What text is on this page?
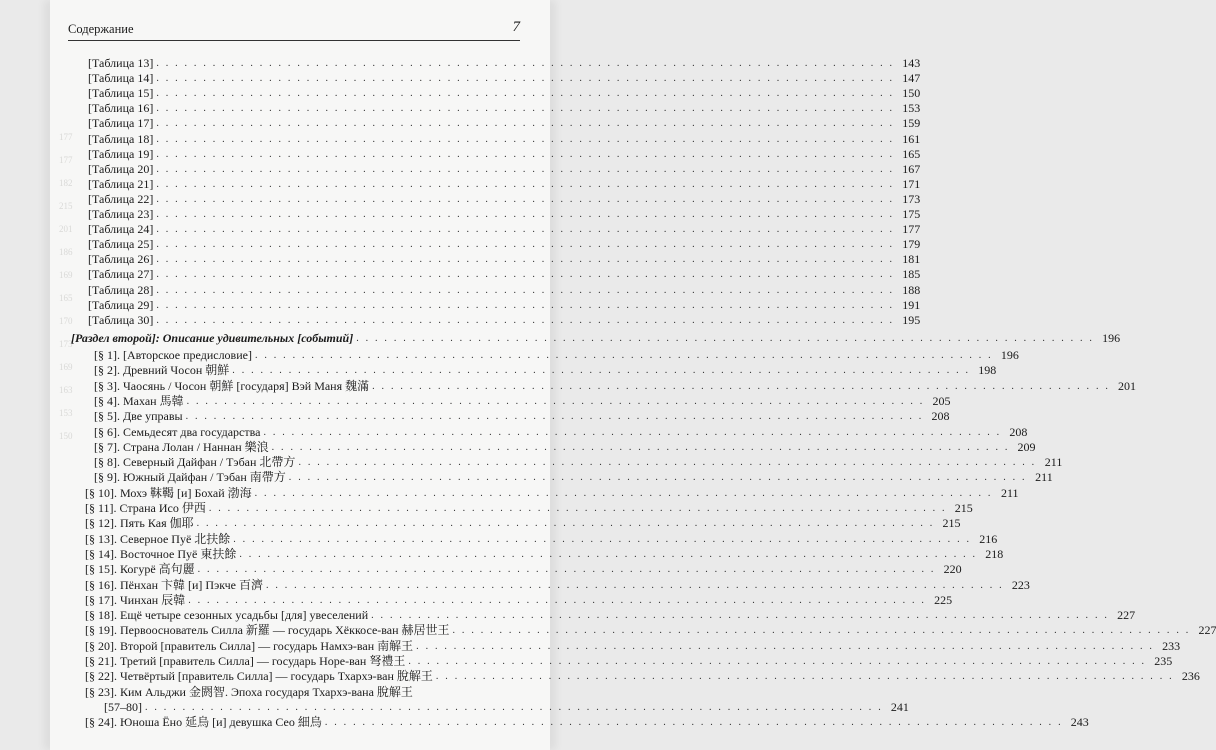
Содержание	7
177
177
182
215
201
186
169
165
170
173
169
163
153
150
[Таблица 13] . . . . . . . . . . . . . . . . . . . . . . . . . . . . . . . . . . . . . . . . . . . . . . . . . . . . . . . . . . . . . . . . . . . . . . . . . . . . . . . 143
[Таблица 14] . . . . . . . . . . . . . . . . . . . . . . . . . . . . . . . . . . . . . . . . . . . . . . . . . . . . . . . . . . . . . . . . . . . . . . . . . . . . . . . 147
[Таблица 15] . . . . . . . . . . . . . . . . . . . . . . . . . . . . . . . . . . . . . . . . . . . . . . . . . . . . . . . . . . . . . . . . . . . . . . . . . . . . . . . 150
[Таблица 16] . . . . . . . . . . . . . . . . . . . . . . . . . . . . . . . . . . . . . . . . . . . . . . . . . . . . . . . . . . . . . . . . . . . . . . . . . . . . . . . 153
[Таблица 17] . . . . . . . . . . . . . . . . . . . . . . . . . . . . . . . . . . . . . . . . . . . . . . . . . . . . . . . . . . . . . . . . . . . . . . . . . . . . . . . 159
[Таблица 18] . . . . . . . . . . . . . . . . . . . . . . . . . . . . . . . . . . . . . . . . . . . . . . . . . . . . . . . . . . . . . . . . . . . . . . . . . . . . . . . 161
[Таблица 19] . . . . . . . . . . . . . . . . . . . . . . . . . . . . . . . . . . . . . . . . . . . . . . . . . . . . . . . . . . . . . . . . . . . . . . . . . . . . . . . 165
[Таблица 20] . . . . . . . . . . . . . . . . . . . . . . . . . . . . . . . . . . . . . . . . . . . . . . . . . . . . . . . . . . . . . . . . . . . . . . . . . . . . . . . 167
[Таблица 21] . . . . . . . . . . . . . . . . . . . . . . . . . . . . . . . . . . . . . . . . . . . . . . . . . . . . . . . . . . . . . . . . . . . . . . . . . . . . . . . 171
[Таблица 22] . . . . . . . . . . . . . . . . . . . . . . . . . . . . . . . . . . . . . . . . . . . . . . . . . . . . . . . . . . . . . . . . . . . . . . . . . . . . . . . 173
[Таблица 23] . . . . . . . . . . . . . . . . . . . . . . . . . . . . . . . . . . . . . . . . . . . . . . . . . . . . . . . . . . . . . . . . . . . . . . . . . . . . . . . 175
[Таблица 24] . . . . . . . . . . . . . . . . . . . . . . . . . . . . . . . . . . . . . . . . . . . . . . . . . . . . . . . . . . . . . . . . . . . . . . . . . . . . . . . 177
[Таблица 25] . . . . . . . . . . . . . . . . . . . . . . . . . . . . . . . . . . . . . . . . . . . . . . . . . . . . . . . . . . . . . . . . . . . . . . . . . . . . . . . 179
[Таблица 26] . . . . . . . . . . . . . . . . . . . . . . . . . . . . . . . . . . . . . . . . . . . . . . . . . . . . . . . . . . . . . . . . . . . . . . . . . . . . . . . 181
[Таблица 27] . . . . . . . . . . . . . . . . . . . . . . . . . . . . . . . . . . . . . . . . . . . . . . . . . . . . . . . . . . . . . . . . . . . . . . . . . . . . . . . 185
[Таблица 28] . . . . . . . . . . . . . . . . . . . . . . . . . . . . . . . . . . . . . . . . . . . . . . . . . . . . . . . . . . . . . . . . . . . . . . . . . . . . . . . 188
[Таблица 29] . . . . . . . . . . . . . . . . . . . . . . . . . . . . . . . . . . . . . . . . . . . . . . . . . . . . . . . . . . . . . . . . . . . . . . . . . . . . . . . 191
[Таблица 30] . . . . . . . . . . . . . . . . . . . . . . . . . . . . . . . . . . . . . . . . . . . . . . . . . . . . . . . . . . . . . . . . . . . . . . . . . . . . . . . 195
[Раздел второй]: Описание удивительных [событий] . . . . . . . . . . . . . . . . . . . . . . . . . . . . . . . . . . . . . . . . . . . . . . . . . . . . . . . . . . . . . . . . . . . . . . . . . . . . . . . 196
[§ 1]. [Авторское предисловие] . . . . . . . . . . . . . . . . . . . . . . . . . . . . . . . . . . . . . . . . . . . . . . . . . . . . . . . . . . . . . . . . . . . . . . . . . . . . . . . 196
[§ 2]. Древний Чосон 朝鮮 . . . . . . . . . . . . . . . . . . . . . . . . . . . . . . . . . . . . . . . . . . . . . . . . . . . . . . . . . . . . . . . . . . . . . . . . . . . . . . . 198
[§ 3]. Чаосянь / Чосон 朝鮮 [государя] Вэй Маня 魏滿 . . . . . . . . . . . . . . . . . . . . . . . . . . . . . . . . . . . . . . . . . . . . . . . . . . . . . . . . . . . . . . . . . . . . . . . . . . . . . . . 201
[§ 4]. Махан 馬韓 . . . . . . . . . . . . . . . . . . . . . . . . . . . . . . . . . . . . . . . . . . . . . . . . . . . . . . . . . . . . . . . . . . . . . . . . . . . . . . . 205
[§ 5]. Две управы . . . . . . . . . . . . . . . . . . . . . . . . . . . . . . . . . . . . . . . . . . . . . . . . . . . . . . . . . . . . . . . . . . . . . . . . . . . . . . . 208
[§ 6]. Семьдесят два государства . . . . . . . . . . . . . . . . . . . . . . . . . . . . . . . . . . . . . . . . . . . . . . . . . . . . . . . . . . . . . . . . . . . . . . . . . . . . . . . 208
[§ 7]. Страна Лолан / Наннан 樂浪 . . . . . . . . . . . . . . . . . . . . . . . . . . . . . . . . . . . . . . . . . . . . . . . . . . . . . . . . . . . . . . . . . . . . . . . . . . . . . . . 209
[§ 8]. Северный Дайфан / Тэбан 北帶方 . . . . . . . . . . . . . . . . . . . . . . . . . . . . . . . . . . . . . . . . . . . . . . . . . . . . . . . . . . . . . . . . . . . . . . . . . . . . . . . 211
[§ 9]. Южный Дайфан / Тэбан 南帶方 . . . . . . . . . . . . . . . . . . . . . . . . . . . . . . . . . . . . . . . . . . . . . . . . . . . . . . . . . . . . . . . . . . . . . . . . . . . . . . . 211
[§ 10]. Мохэ 靺鞨 [и] Бохай 渤海 . . . . . . . . . . . . . . . . . . . . . . . . . . . . . . . . . . . . . . . . . . . . . . . . . . . . . . . . . . . . . . . . . . . . . . . . . . . . . . . 211
[§ 11]. Страна Исо 伊西 . . . . . . . . . . . . . . . . . . . . . . . . . . . . . . . . . . . . . . . . . . . . . . . . . . . . . . . . . . . . . . . . . . . . . . . . . . . . . . . 215
[§ 12]. Пять Кая 伽耶 . . . . . . . . . . . . . . . . . . . . . . . . . . . . . . . . . . . . . . . . . . . . . . . . . . . . . . . . . . . . . . . . . . . . . . . . . . . . . . . 215
[§ 13]. Северное Пуё 北扶餘 . . . . . . . . . . . . . . . . . . . . . . . . . . . . . . . . . . . . . . . . . . . . . . . . . . . . . . . . . . . . . . . . . . . . . . . . . . . . . . . 216
[§ 14]. Восточное Пуё 東扶餘 . . . . . . . . . . . . . . . . . . . . . . . . . . . . . . . . . . . . . . . . . . . . . . . . . . . . . . . . . . . . . . . . . . . . . . . . . . . . . . . 218
[§ 15]. Когурё 高句麗 . . . . . . . . . . . . . . . . . . . . . . . . . . . . . . . . . . . . . . . . . . . . . . . . . . . . . . . . . . . . . . . . . . . . . . . . . . . . . . . 220
[§ 16]. Пёнхан 卞韓 [и] Пэкче 百濟 . . . . . . . . . . . . . . . . . . . . . . . . . . . . . . . . . . . . . . . . . . . . . . . . . . . . . . . . . . . . . . . . . . . . . . . . . . . . . . . 223
[§ 17]. Чинхан 辰韓 . . . . . . . . . . . . . . . . . . . . . . . . . . . . . . . . . . . . . . . . . . . . . . . . . . . . . . . . . . . . . . . . . . . . . . . . . . . . . . . 225
[§ 18]. Ещё четыре сезонных усадьбы [для] увеселений . . . . . . . . . . . . . . . . . . . . . . . . . . . . . . . . . . . . . . . . . . . . . . . . . . . . . . . . . . . . . . . . . . . . . . . . . . . . . . . 227
[§ 19]. Первооснователь Силла 新羅 — государь Хёккосе-ван 赫居世王 . . . . . . . . . . . . . . . . . . . . . . . . . . . . . . . . . . . . . . . . . . . . . . . . . . . . . . . . . . . . . . . . . . . . . . . . . . . . . . . 227
[§ 20]. Второй [правитель Силла] — государь Намхэ-ван 南解王 . . . . . . . . . . . . . . . . . . . . . . . . . . . . . . . . . . . . . . . . . . . . . . . . . . . . . . . . . . . . . . . . . . . . . . . . . . . . . . . 233
[§ 21]. Третий [правитель Силла] — государь Норе-ван 弩禮王 . . . . . . . . . . . . . . . . . . . . . . . . . . . . . . . . . . . . . . . . . . . . . . . . . . . . . . . . . . . . . . . . . . . . . . . . . . . . . . . 235
[§ 22]. Четвёртый [правитель Силла] — государь Тхархэ-ван 脫解王 . . . . . . . . . . . . . . . . . . . . . . . . . . . . . . . . . . . . . . . . . . . . . . . . . . . . . . . . . . . . . . . . . . . . . . . . . . . . . . . 236
[§ 23]. Ким Альджи 金閼智. Эпоха государя Тхархэ-вана 脫解王
[57–80] . . . . . . . . . . . . . . . . . . . . . . . . . . . . . . . . . . . . . . . . . . . . . . . . . . . . . . . . . . . . . . . . . . . . . . . . . . . . . . . 241
[§ 24]. Юноша Ёно 延烏 [и] девушка Сео 細烏 . . . . . . . . . . . . . . . . . . . . . . . . . . . . . . . . . . . . . . . . . . . . . . . . . . . . . . . . . . . . . . . . . . . . . . . . . . . . . . . 243
